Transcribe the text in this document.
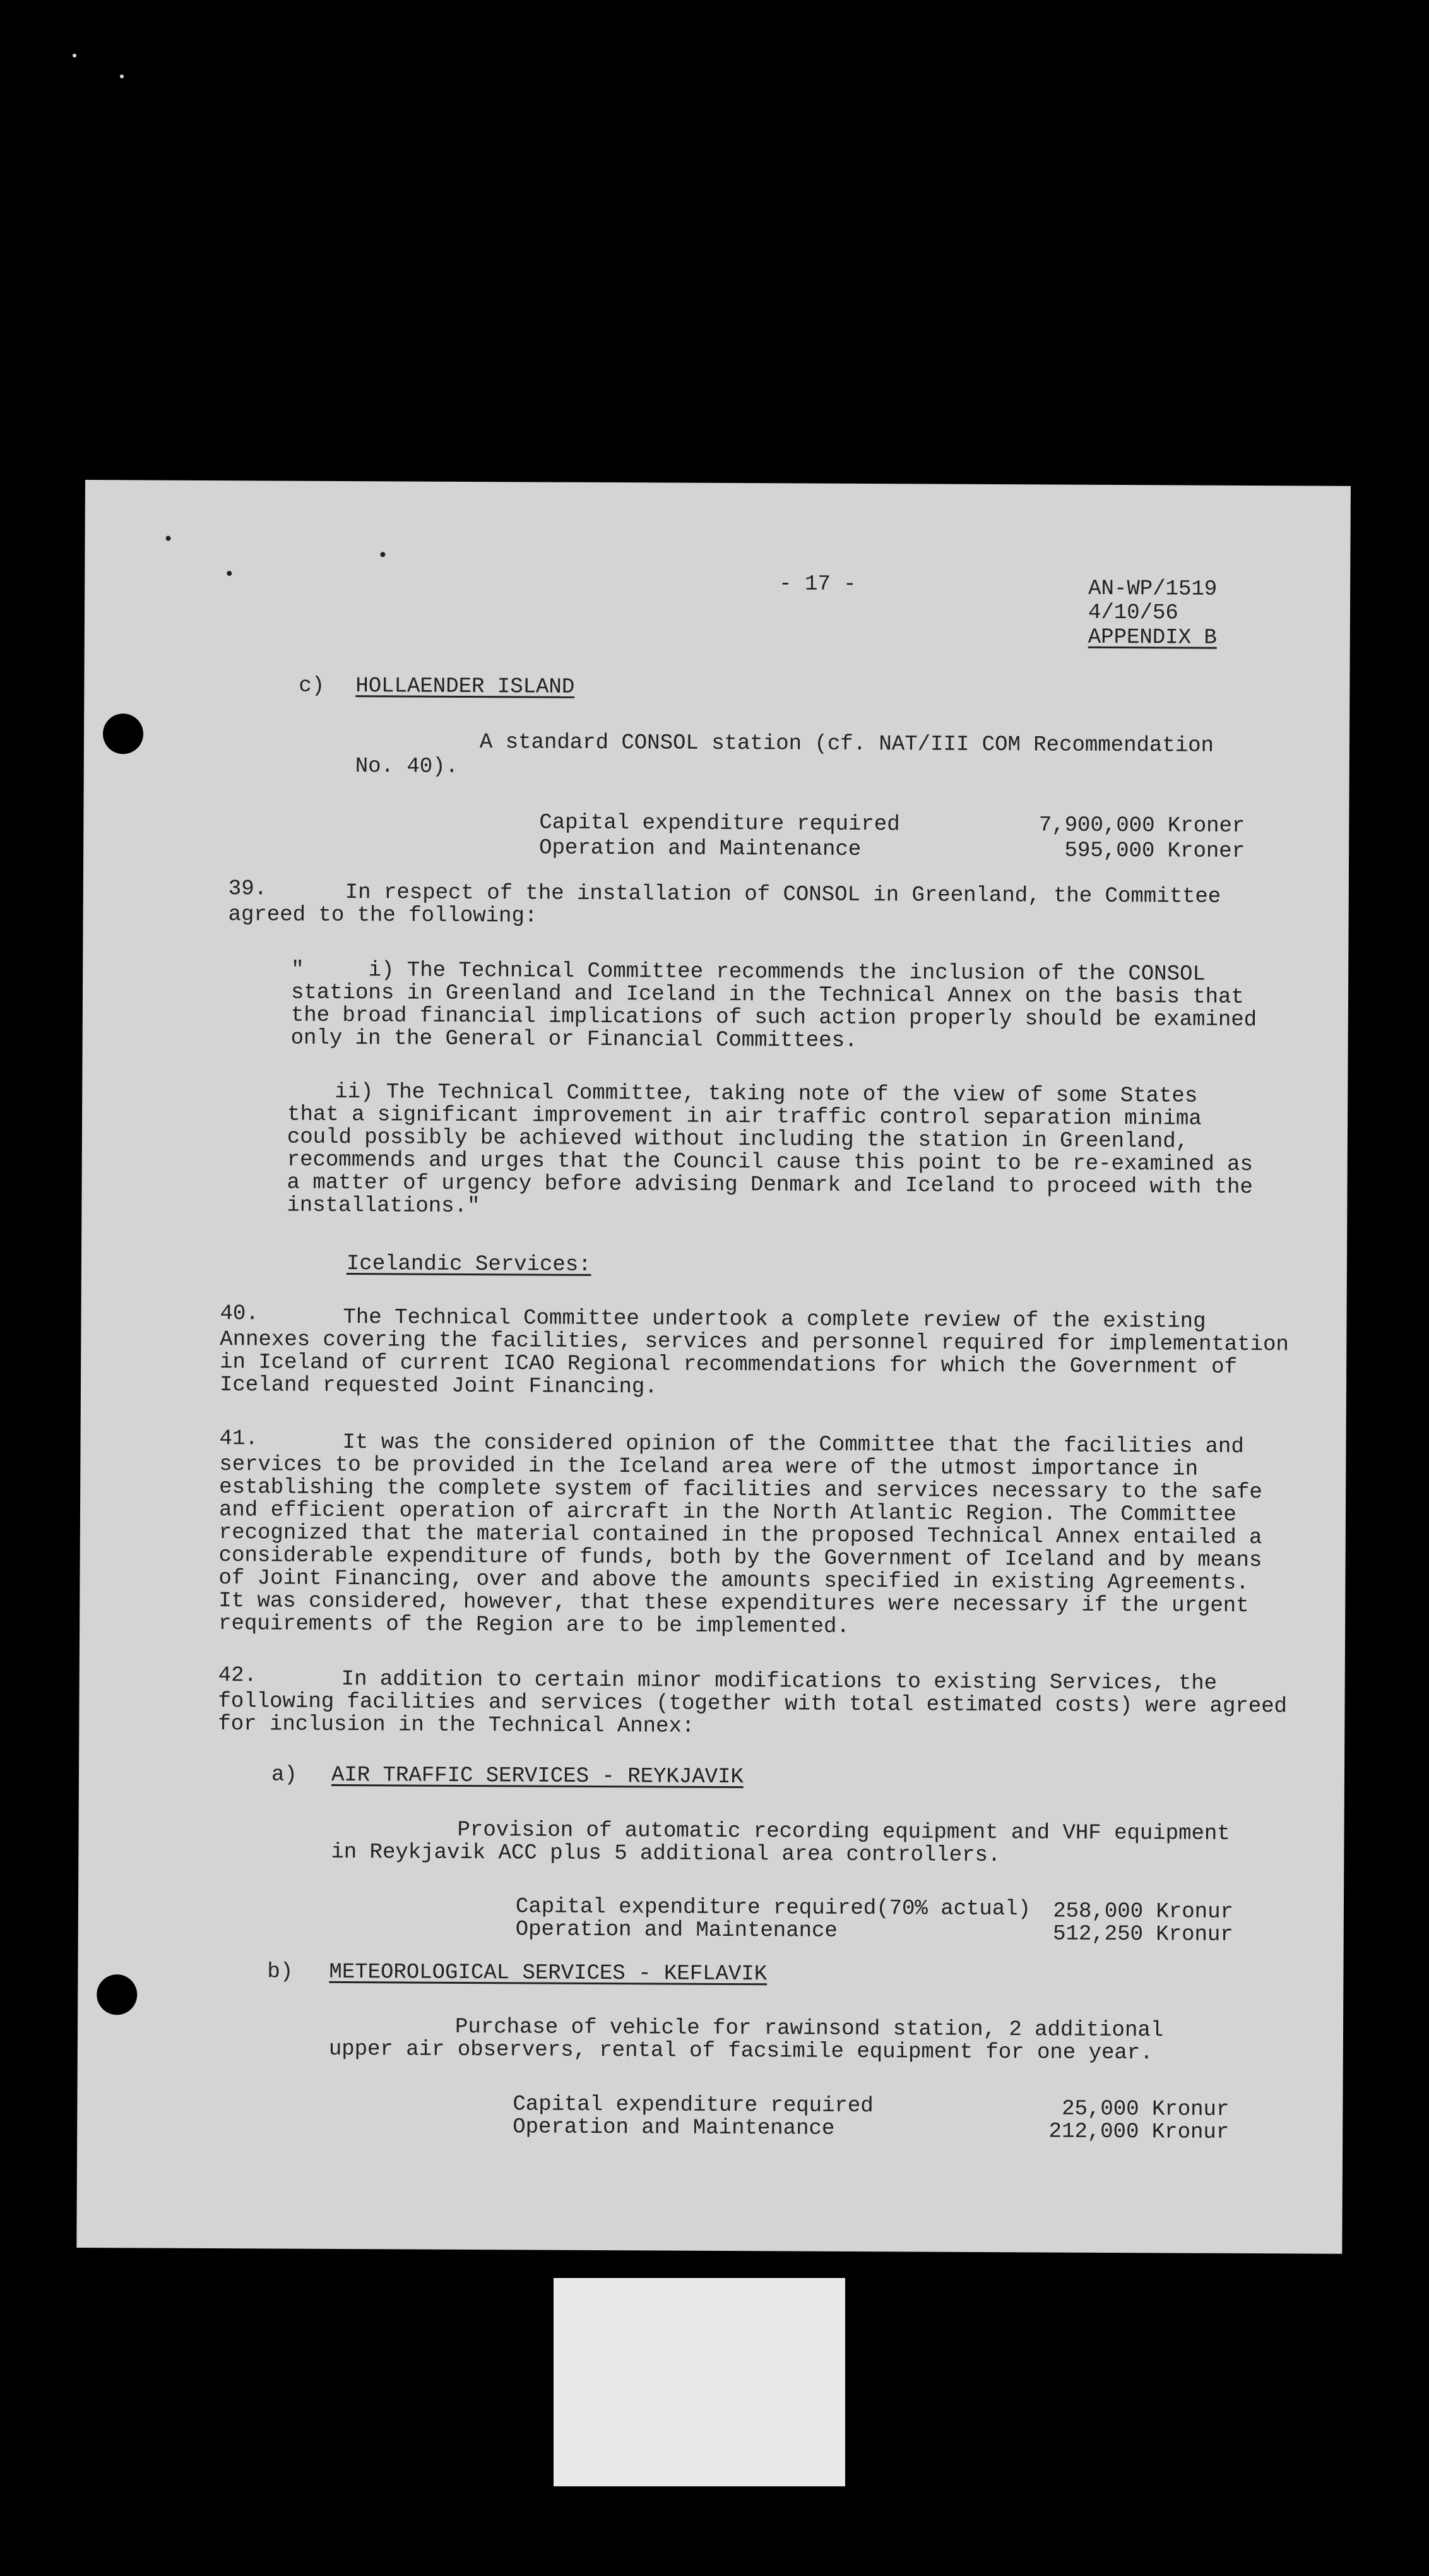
- 17 -	AN-WP/1519
4/10/56
APPENDIX B
c) HOLLAENDER ISLAND
A standard CONSOL station (cf. NAT/III COM Recommendation
No. 40).
Capital expenditure required	7,900,000 Kroner
Operation and Maintenance	595,000 Kroner
39.	In respect of the installation of CONSOL in Greenland, the Committee
agreed to the following:
"     i) The Technical Committee recommends the inclusion of the CONSOL
stations in Greenland and Iceland in the Technical Annex on the basis that
the broad financial implications of such action properly should be examined
only in the General or Financial Committees.
ii) The Technical Committee, taking note of the view of some States
that a significant improvement in air traffic control separation minima
could possibly be achieved without including the station in Greenland,
recommends and urges that the Council cause this point to be re-examined as
a matter of urgency before advising Denmark and Iceland to proceed with the
installations."
Icelandic Services:
40.	The Technical Committee undertook a complete review of the existing
Annexes covering the facilities, services and personnel required for implementation
in Iceland of current ICAO Regional recommendations for which the Government of
Iceland requested Joint Financing.
41.	It was the considered opinion of the Committee that the facilities and
services to be provided in the Iceland area were of the utmost importance in
establishing the complete system of facilities and services necessary to the safe
and efficient operation of aircraft in the North Atlantic Region. The Committee
recognized that the material contained in the proposed Technical Annex entailed a
considerable expenditure of funds, both by the Government of Iceland and by means
of Joint Financing, over and above the amounts specified in existing Agreements.
It was considered, however, that these expenditures were necessary if the urgent
requirements of the Region are to be implemented.
42.	In addition to certain minor modifications to existing Services, the
following facilities and services (together with total estimated costs) were agreed
for inclusion in the Technical Annex:
a) AIR TRAFFIC SERVICES - REYKJAVIK
Provision of automatic recording equipment and VHF equipment
in Reykjavik ACC plus 5 additional area controllers.
Capital expenditure required(70% actual) 258,000 Kronur
Operation and Maintenance	512,250 Kronur
b) METEOROLOGICAL SERVICES - KEFLAVIK
Purchase of vehicle for rawinsond station, 2 additional
upper air observers, rental of facsimile equipment for one year.
Capital expenditure required	25,000 Kronur
Operation and Maintenance	212,000 Kronur
